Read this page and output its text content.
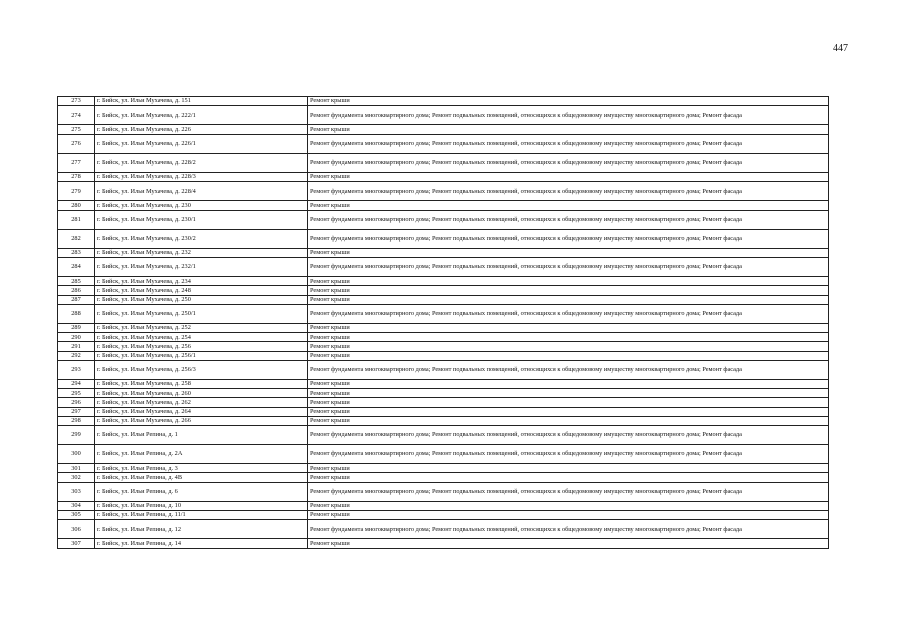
447
273	г. Бийск, ул. Ильи Мухачева, д. 151	Ремонт крыши
274	г. Бийск, ул. Ильи Мухачева, д. 222/1	Ремонт фундамента многоквартирного дома; Ремонт подвальных помещений, относящихся к общедомовому имуществу многоквартирного дома; Ремонт фасада
275	г. Бийск, ул. Ильи Мухачева, д. 226	Ремонт крыши
276	г. Бийск, ул. Ильи Мухачева, д. 226/1	Ремонт фундамента многоквартирного дома; Ремонт подвальных помещений, относящихся к общедомовому имуществу многоквартирного дома; Ремонт фасада
277	г. Бийск, ул. Ильи Мухачева, д. 228/2	Ремонт фундамента многоквартирного дома; Ремонт подвальных помещений, относящихся к общедомовому имуществу многоквартирного дома; Ремонт фасада
278	г. Бийск, ул. Ильи Мухачева, д. 228/3	Ремонт крыши
279	г. Бийск, ул. Ильи Мухачева, д. 228/4	Ремонт фундамента многоквартирного дома; Ремонт подвальных помещений, относящихся к общедомовому имуществу многоквартирного дома; Ремонт фасада
280	г. Бийск, ул. Ильи Мухачева, д. 230	Ремонт крыши
281	г. Бийск, ул. Ильи Мухачева, д. 230/1	Ремонт фундамента многоквартирного дома; Ремонт подвальных помещений, относящихся к общедомовому имуществу многоквартирного дома; Ремонт фасада
282	г. Бийск, ул. Ильи Мухачева, д. 230/2	Ремонт фундамента многоквартирного дома; Ремонт подвальных помещений, относящихся к общедомовому имуществу многоквартирного дома; Ремонт фасада
283	г. Бийск, ул. Ильи Мухачева, д. 232	Ремонт крыши
284	г. Бийск, ул. Ильи Мухачева, д. 232/1	Ремонт фундамента многоквартирного дома; Ремонт подвальных помещений, относящихся к общедомовому имуществу многоквартирного дома; Ремонт фасада
285	г. Бийск, ул. Ильи Мухачева, д. 234	Ремонт крыши
286	г. Бийск, ул. Ильи Мухачева, д. 248	Ремонт крыши
287	г. Бийск, ул. Ильи Мухачева, д. 250	Ремонт крыши
288	г. Бийск, ул. Ильи Мухачева, д. 250/1	Ремонт фундамента многоквартирного дома; Ремонт подвальных помещений, относящихся к общедомовому имуществу многоквартирного дома; Ремонт фасада
289	г. Бийск, ул. Ильи Мухачева, д. 252	Ремонт крыши
290	г. Бийск, ул. Ильи Мухачева, д. 254	Ремонт крыши
291	г. Бийск, ул. Ильи Мухачева, д. 256	Ремонт крыши
292	г. Бийск, ул. Ильи Мухачева, д. 256/1	Ремонт крыши
293	г. Бийск, ул. Ильи Мухачева, д. 256/3	Ремонт фундамента многоквартирного дома; Ремонт подвальных помещений, относящихся к общедомовому имуществу многоквартирного дома; Ремонт фасада
294	г. Бийск, ул. Ильи Мухачева, д. 258	Ремонт крыши
295	г. Бийск, ул. Ильи Мухачева, д. 260	Ремонт крыши
296	г. Бийск, ул. Ильи Мухачева, д. 262	Ремонт крыши
297	г. Бийск, ул. Ильи Мухачева, д. 264	Ремонт крыши
298	г. Бийск, ул. Ильи Мухачева, д. 266	Ремонт крыши
299	г. Бийск, ул. Ильи Репина, д. 1	Ремонт фундамента многоквартирного дома; Ремонт подвальных помещений, относящихся к общедомовому имуществу многоквартирного дома; Ремонт фасада
300	г. Бийск, ул. Ильи Репина, д. 2А	Ремонт фундамента многоквартирного дома; Ремонт подвальных помещений, относящихся к общедомовому имуществу многоквартирного дома; Ремонт фасада
301	г. Бийск, ул. Ильи Репина, д. 3	Ремонт крыши
302	г. Бийск, ул. Ильи Репина, д. 4В	Ремонт крыши
303	г. Бийск, ул. Ильи Репина, д. 6	Ремонт фундамента многоквартирного дома; Ремонт подвальных помещений, относящихся к общедомовому имуществу многоквартирного дома; Ремонт фасада
304	г. Бийск, ул. Ильи Репина, д. 10	Ремонт крыши
305	г. Бийск, ул. Ильи Репина, д. 11/1	Ремонт крыши
306	г. Бийск, ул. Ильи Репина, д. 12	Ремонт фундамента многоквартирного дома; Ремонт подвальных помещений, относящихся к общедомовому имуществу многоквартирного дома; Ремонт фасада
307	г. Бийск, ул. Ильи Репина, д. 14	Ремонт крыши
